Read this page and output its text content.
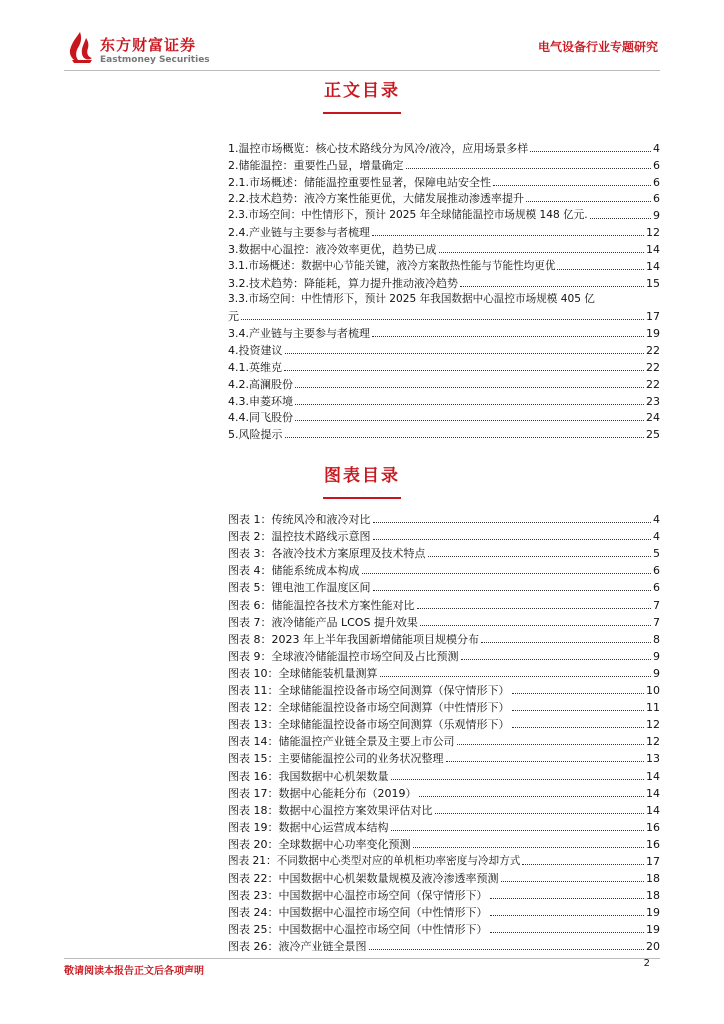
东方财富证券
Eastmoney Securities
电气设备行业专题研究
正文目录
1.温控市场概览：核心技术路线分为风冷/液冷，应用场景多样	4
2.储能温控：重要性凸显，增量确定	6
2.1.市场概述：储能温控重要性显著，保障电站安全性	6
2.2.技术趋势：液冷方案性能更优，大储发展推动渗透率提升	6
2.3.市场空间：中性情形下，预计 2025 年全球储能温控市场规模 148 亿元.	9
2.4.产业链与主要参与者梳理	12
3.数据中心温控：液冷效率更优，趋势已成	14
3.1.市场概述：数据中心节能关键，液冷方案散热性能与节能性均更优	14
3.2.技术趋势：降能耗，算力提升推动液冷趋势	15
3.3.市场空间：中性情形下，预计 2025 年我国数据中心温控市场规模 405 亿
元	17
3.4.产业链与主要参与者梳理	19
4.投资建议	22
4.1.英维克	22
4.2.高澜股份	22
4.3.申菱环境	23
4.4.同飞股份	24
5.风险提示	25
图表目录
图表 1：传统风冷和液冷对比	4
图表 2：温控技术路线示意图	4
图表 3：各液冷技术方案原理及技术特点	5
图表 4：储能系统成本构成	6
图表 5：锂电池工作温度区间	6
图表 6：储能温控各技术方案性能对比	7
图表 7：液冷储能产品 LCOS 提升效果	7
图表 8：2023 年上半年我国新增储能项目规模分布	8
图表 9：全球液冷储能温控市场空间及占比预测	9
图表 10：全球储能装机量测算	9
图表 11：全球储能温控设备市场空间测算（保守情形下）	10
图表 12：全球储能温控设备市场空间测算（中性情形下）	11
图表 13：全球储能温控设备市场空间测算（乐观情形下）	12
图表 14：储能温控产业链全景及主要上市公司	12
图表 15：主要储能温控公司的业务状况整理	13
图表 16：我国数据中心机架数量	14
图表 17：数据中心能耗分布（2019）	14
图表 18：数据中心温控方案效果评估对比	14
图表 19：数据中心运营成本结构	16
图表 20：全球数据中心功率变化预测	16
图表 21：不同数据中心类型对应的单机柜功率密度与冷却方式	17
图表 22：中国数据中心机架数量规模及液冷渗透率预测	18
图表 23：中国数据中心温控市场空间（保守情形下）	18
图表 24：中国数据中心温控市场空间（中性情形下）	19
图表 25：中国数据中心温控市场空间（中性情形下）	19
图表 26：液冷产业链全景图	20
敬请阅读本报告正文后各项声明
2
